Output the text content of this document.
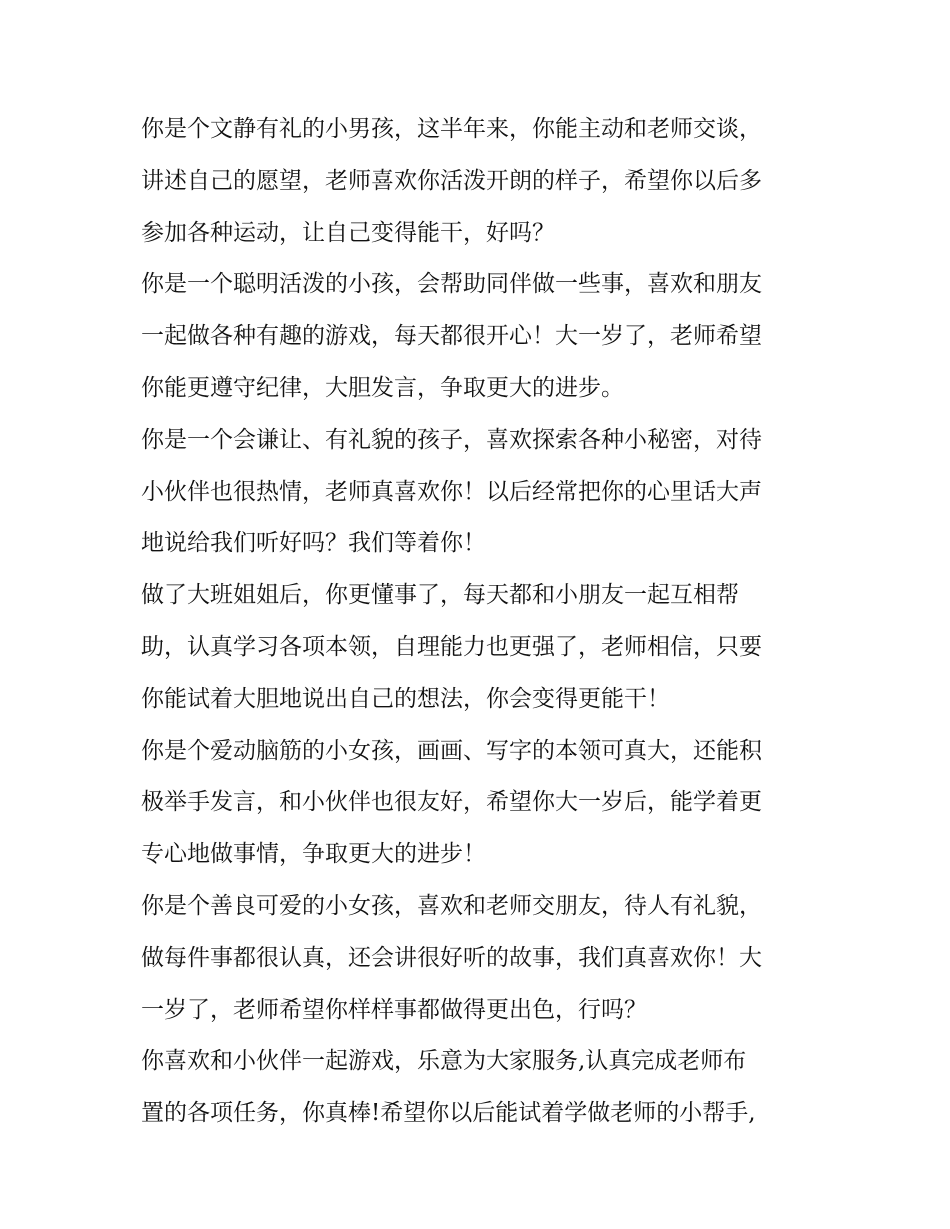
你是个文静有礼的小男孩，这半年来，你能主动和老师交谈，
讲述自己的愿望，老师喜欢你活泼开朗的样子，希望你以后多
参加各种运动，让自己变得能干，好吗？
你是一个聪明活泼的小孩，会帮助同伴做一些事，喜欢和朋友
一起做各种有趣的游戏，每天都很开心！大一岁了，老师希望
你能更遵守纪律，大胆发言，争取更大的进步。
你是一个会谦让、有礼貌的孩子，喜欢探索各种小秘密，对待
小伙伴也很热情，老师真喜欢你！以后经常把你的心里话大声
地说给我们听好吗？我们等着你！
做了大班姐姐后，你更懂事了，每天都和小朋友一起互相帮
助，认真学习各项本领，自理能力也更强了，老师相信，只要
你能试着大胆地说出自己的想法，你会变得更能干！
你是个爱动脑筋的小女孩，画画、写字的本领可真大，还能积
极举手发言，和小伙伴也很友好，希望你大一岁后，能学着更
专心地做事情，争取更大的进步！
你是个善良可爱的小女孩，喜欢和老师交朋友，待人有礼貌，
做每件事都很认真，还会讲很好听的故事，我们真喜欢你！大
一岁了，老师希望你样样事都做得更出色，行吗？
你喜欢和小伙伴一起游戏，乐意为大家服务,认真完成老师布
置的各项任务，你真棒!希望你以后能试着学做老师的小帮手,
